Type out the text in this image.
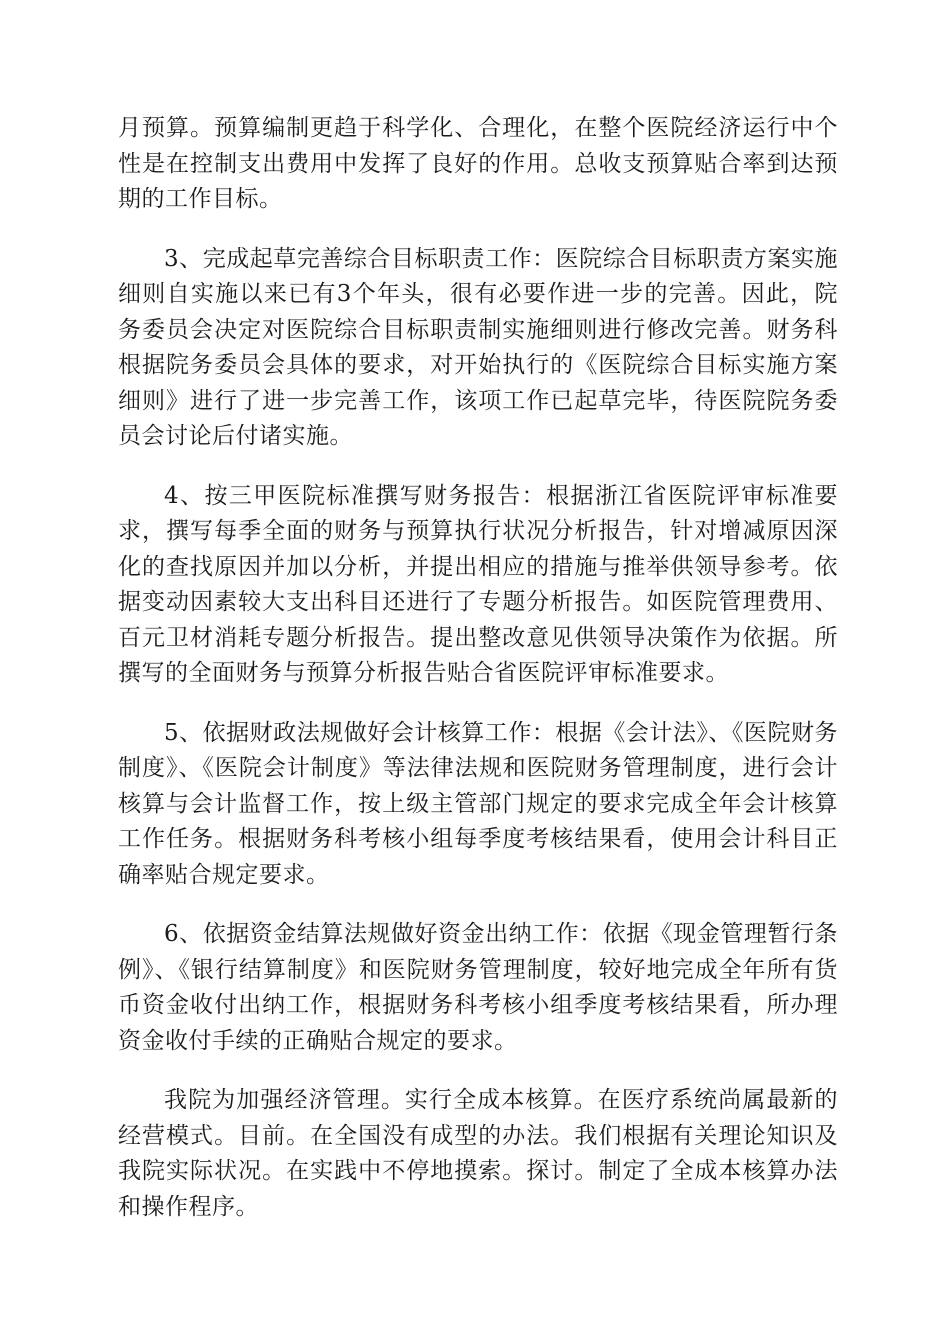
月预算。预算编制更趋于科学化、合理化，在整个医院经济运行中个性是在控制支出费用中发挥了良好的作用。总收支预算贴合率到达预期的工作目标。

3、完成起草完善综合目标职责工作：医院综合目标职责方案实施细则自实施以来已有3个年头，很有必要作进一步的完善。因此，院务委员会决定对医院综合目标职责制实施细则进行修改完善。财务科根据院务委员会具体的要求，对开始执行的《医院综合目标实施方案细则》进行了进一步完善工作，该项工作已起草完毕，待医院院务委员会讨论后付诸实施。

4、按三甲医院标准撰写财务报告：根据浙江省医院评审标准要求，撰写每季全面的财务与预算执行状况分析报告，针对增减原因深化的查找原因并加以分析，并提出相应的措施与推举供领导参考。依据变动因素较大支出科目还进行了专题分析报告。如医院管理费用、百元卫材消耗专题分析报告。提出整改意见供领导决策作为依据。所撰写的全面财务与预算分析报告贴合省医院评审标准要求。

5、依据财政法规做好会计核算工作：根据《会计法》、《医院财务制度》、《医院会计制度》等法律法规和医院财务管理制度，进行会计核算与会计监督工作，按上级主管部门规定的要求完成全年会计核算工作任务。根据财务科考核小组每季度考核结果看，使用会计科目正确率贴合规定要求。

6、依据资金结算法规做好资金出纳工作：依据《现金管理暂行条例》、《银行结算制度》和医院财务管理制度，较好地完成全年所有货币资金收付出纳工作，根据财务科考核小组季度考核结果看，所办理资金收付手续的正确贴合规定的要求。

我院为加强经济管理。实行全成本核算。在医疗系统尚属最新的经营模式。目前。在全国没有成型的办法。我们根据有关理论知识及我院实际状况。在实践中不停地摸索。探讨。制定了全成本核算办法和操作程序。
